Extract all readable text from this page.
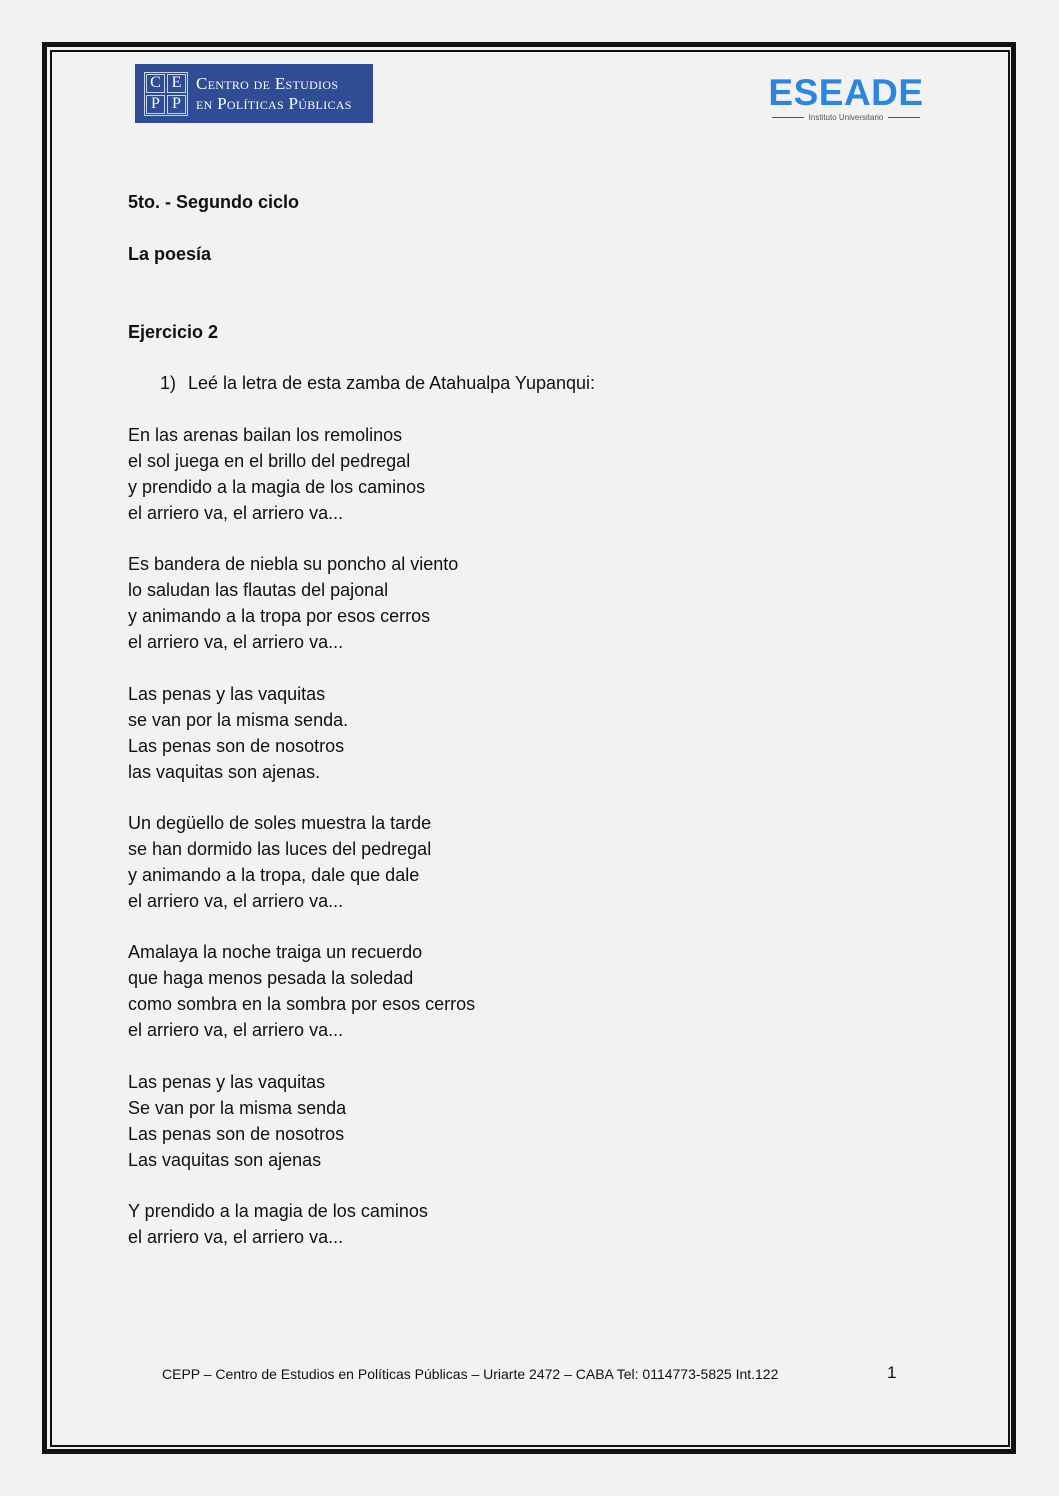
C E
P P
Centro de Estudios
en Políticas Públicas	ESEADE
Instituto Universitario
5to. - Segundo ciclo
La poesía
Ejercicio 2
1) Leé la letra de esta zamba de Atahualpa Yupanqui:
En las arenas bailan los remolinos
el sol juega en el brillo del pedregal
y prendido a la magia de los caminos
el arriero va, el arriero va...
Es bandera de niebla su poncho al viento
lo saludan las flautas del pajonal
y animando a la tropa por esos cerros
el arriero va, el arriero va...
Las penas y las vaquitas
se van por la misma senda.
Las penas son de nosotros
las vaquitas son ajenas.
Un degüello de soles muestra la tarde
se han dormido las luces del pedregal
y animando a la tropa, dale que dale
el arriero va, el arriero va...
Amalaya la noche traiga un recuerdo
que haga menos pesada la soledad
como sombra en la sombra por esos cerros
el arriero va, el arriero va...
Las penas y las vaquitas
Se van por la misma senda
Las penas son de nosotros
Las vaquitas son ajenas
Y prendido a la magia de los caminos
el arriero va, el arriero va...
CEPP – Centro de Estudios en Políticas Públicas – Uriarte 2472 – CABA Tel: 0114773-5825 Int.122	1
